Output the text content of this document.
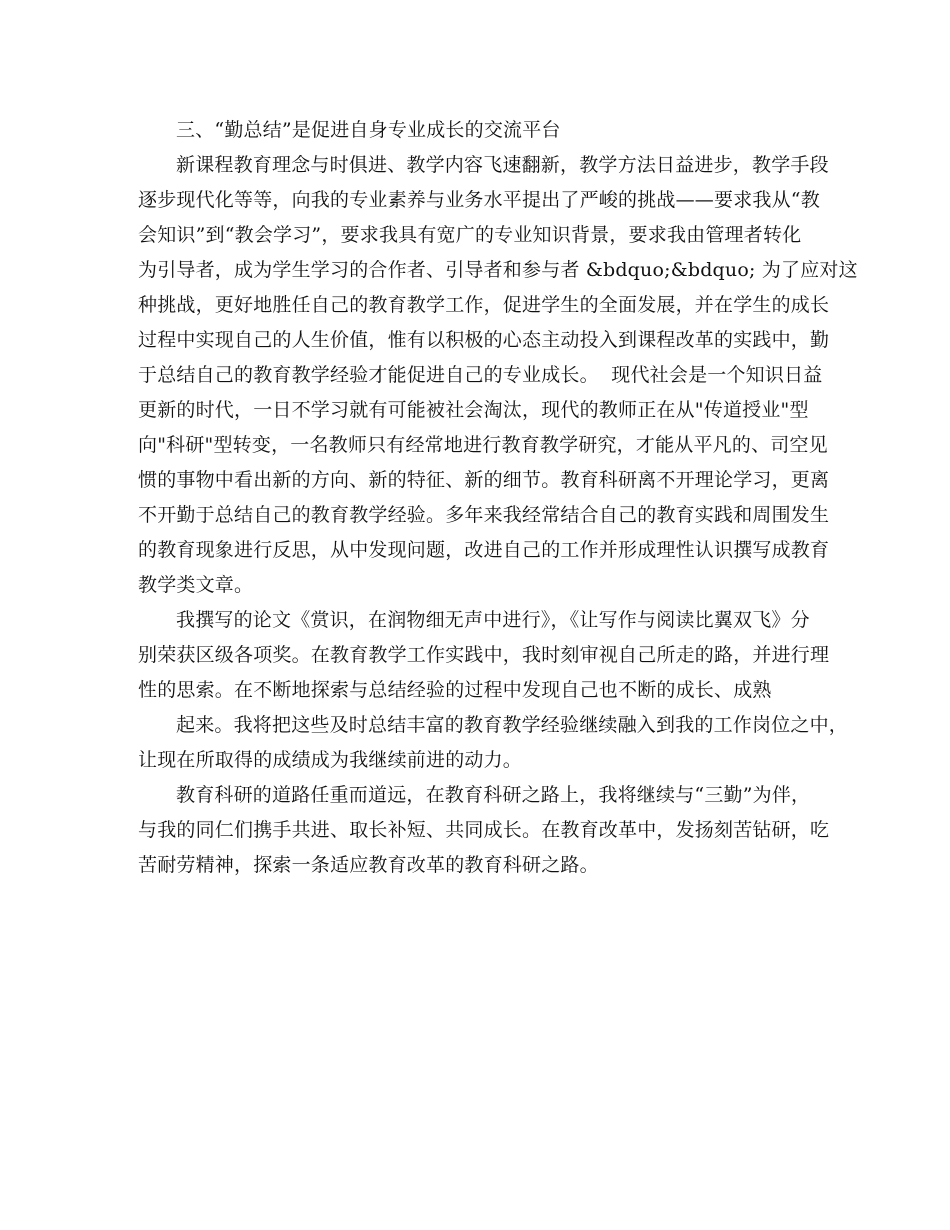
三、“勤总结”是促进自身专业成长的交流平台
新课程教育理念与时俱进、教学内容飞速翻新，教学方法日益进步，教学手段
逐步现代化等等，向我的专业素养与业务水平提出了严峻的挑战——要求我从“教
会知识”到“教会学习”，要求我具有宽广的专业知识背景，要求我由管理者转化
为引导者，成为学生学习的合作者、引导者和参与者 &bdquo;&bdquo; 为了应对这
种挑战，更好地胜任自己的教育教学工作，促进学生的全面发展，并在学生的成长
过程中实现自己的人生价值，惟有以积极的心态主动投入到课程改革的实践中，勤
于总结自己的教育教学经验才能促进自己的专业成长。  现代社会是一个知识日益
更新的时代，一日不学习就有可能被社会淘汰，现代的教师正在从"传道授业"型
向"科研"型转变，一名教师只有经常地进行教育教学研究，才能从平凡的、司空见
惯的事物中看出新的方向、新的特征、新的细节。教育科研离不开理论学习，更离
不开勤于总结自己的教育教学经验。多年来我经常结合自己的教育实践和周围发生
的教育现象进行反思，从中发现问题，改进自己的工作并形成理性认识撰写成教育
教学类文章。
我撰写的论文《赏识，在润物细无声中进行》，《让写作与阅读比翼双飞》分
别荣获区级各项奖。在教育教学工作实践中，我时刻审视自己所走的路，并进行理
性的思索。在不断地探索与总结经验的过程中发现自己也不断的成长、成熟
起来。我将把这些及时总结丰富的教育教学经验继续融入到我的工作岗位之中，
让现在所取得的成绩成为我继续前进的动力。
教育科研的道路任重而道远，在教育科研之路上，我将继续与“三勤”为伴，
与我的同仁们携手共进、取长补短、共同成长。在教育改革中，发扬刻苦钻研，吃
苦耐劳精神，探索一条适应教育改革的教育科研之路。
